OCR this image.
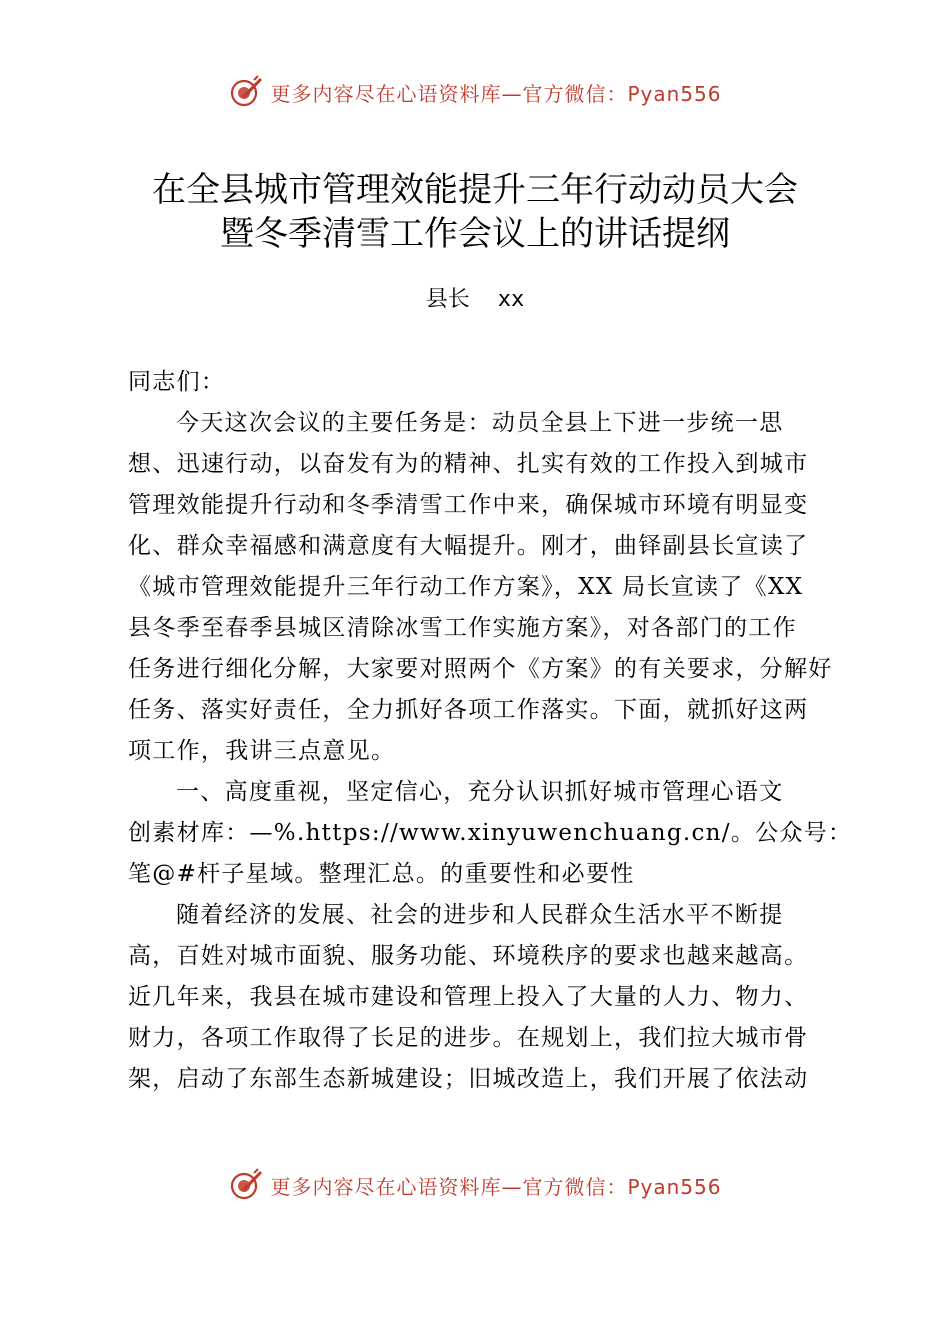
更多内容尽在心语资料库—官方微信：Pyan556
在全县城市管理效能提升三年行动动员大会
暨冬季清雪工作会议上的讲话提纲
县长 xx
同志们：
今天这次会议的主要任务是：动员全县上下进一步统一思
想、迅速行动，以奋发有为的精神、扎实有效的工作投入到城市
管理效能提升行动和冬季清雪工作中来，确保城市环境有明显变
化、群众幸福感和满意度有大幅提升。刚才，曲铎副县长宣读了
《城市管理效能提升三年行动工作方案》，XX 局长宣读了《XX
县冬季至春季县城区清除冰雪工作实施方案》，对各部门的工作
任务进行细化分解，大家要对照两个《方案》的有关要求，分解好
任务、落实好责任，全力抓好各项工作落实。下面，就抓好这两
项工作，我讲三点意见。
一、高度重视，坚定信心，充分认识抓好城市管理心语文
创素材库：—%.https://www.xinyuwenchuang.cn/。公众号：
笔@#杆子星域。整理汇总。的重要性和必要性
随着经济的发展、社会的进步和人民群众生活水平不断提
高，百姓对城市面貌、服务功能、环境秩序的要求也越来越高。
近几年来，我县在城市建设和管理上投入了大量的人力、物力、
财力，各项工作取得了长足的进步。在规划上，我们拉大城市骨
架，启动了东部生态新城建设；旧城改造上，我们开展了依法动
更多内容尽在心语资料库—官方微信：Pyan556
